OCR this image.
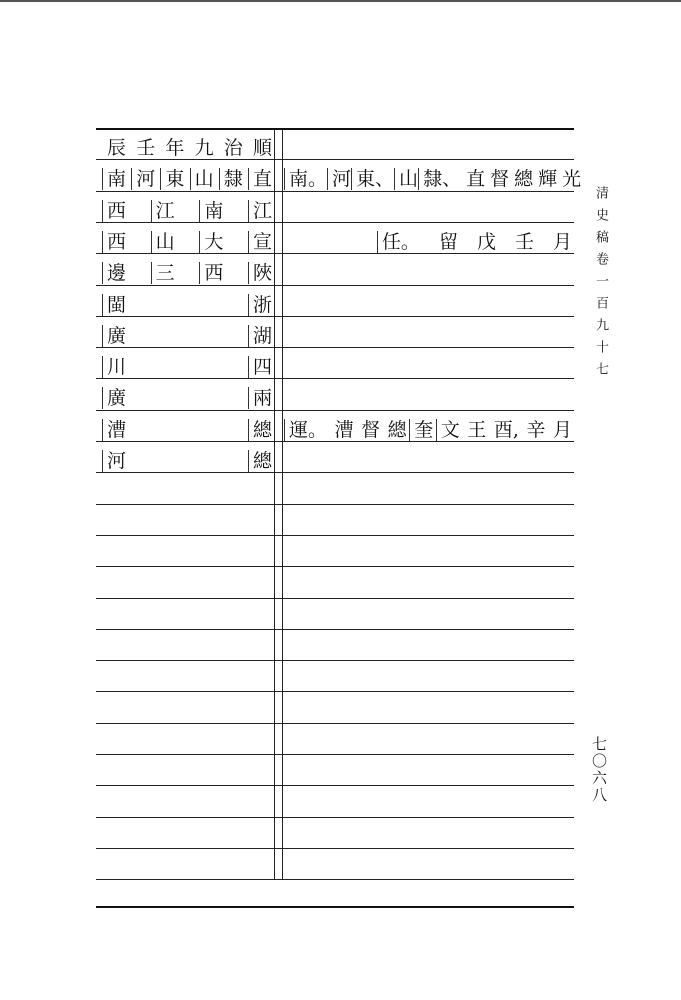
辰 壬 年 九 治 順
南 河 東 山 隸 直 南。 河 東、 山 隸、 直 督 總 輝 光
西 江 南 江
西 山 大 宣	任。 留 戊 壬 月
邊 三 西 陜
閩	浙
廣	湖
川	四
廣	兩
漕	總 運。 漕 督 總 奎 文 王 酉, 辛 月
河	總
清史稿卷一百九十七
七〇六八
